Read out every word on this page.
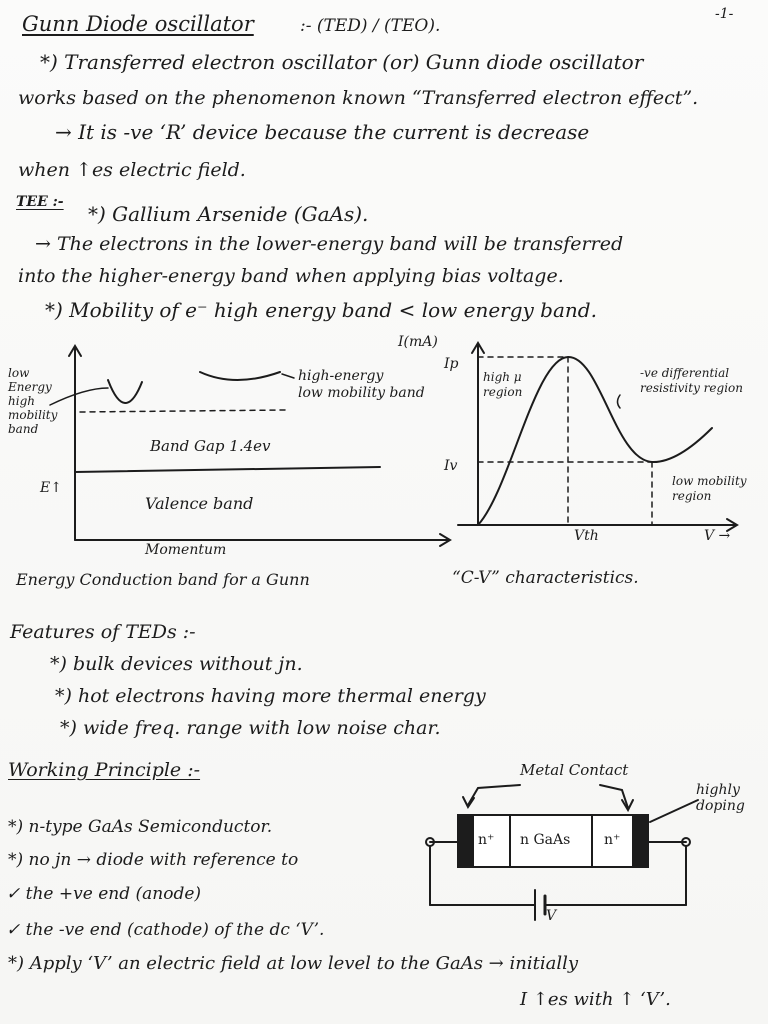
-1-
Gunn Diode oscillator	:- (TED) / (TEO).
*) Transferred electron oscillator (or) Gunn diode oscillator
works based on the phenomenon known “Transferred electron effect”.
→ It is -ve ‘R’ device because the current is decrease
when ↑es electric field.
TEE :- *) Gallium Arsenide (GaAs).
→ The electrons in the lower-energy band will be transferred
into the higher-energy band when applying bias voltage.
*) Mobility of e⁻ high energy band < low energy band.
low
Energy
high
mobility
band
high-energy
low mobility band
Band Gap 1.4ev
Valence band
E↑
Momentum
Energy Conduction band for a Gunn
I(mA)
Ip
Iv
high μ
region
-ve differential
resistivity region
low mobility
region
Vth	V →
“C-V” characteristics.
Features of TEDs :-
*) bulk devices without jn.
*) hot electrons having more thermal energy
*) wide freq. range with low noise char.
Working Principle :-
*) n-type GaAs Semiconductor.
*) no jn → diode with reference to
✓ the +ve end (anode)
✓ the -ve end (cathode) of the dc ‘V’.
*) Apply ‘V’ an electric field at low level to the GaAs → initially
I ↑es with ↑ ‘V’.
Metal Contact
highly
doping
n⁺ n GaAs n⁺
V
